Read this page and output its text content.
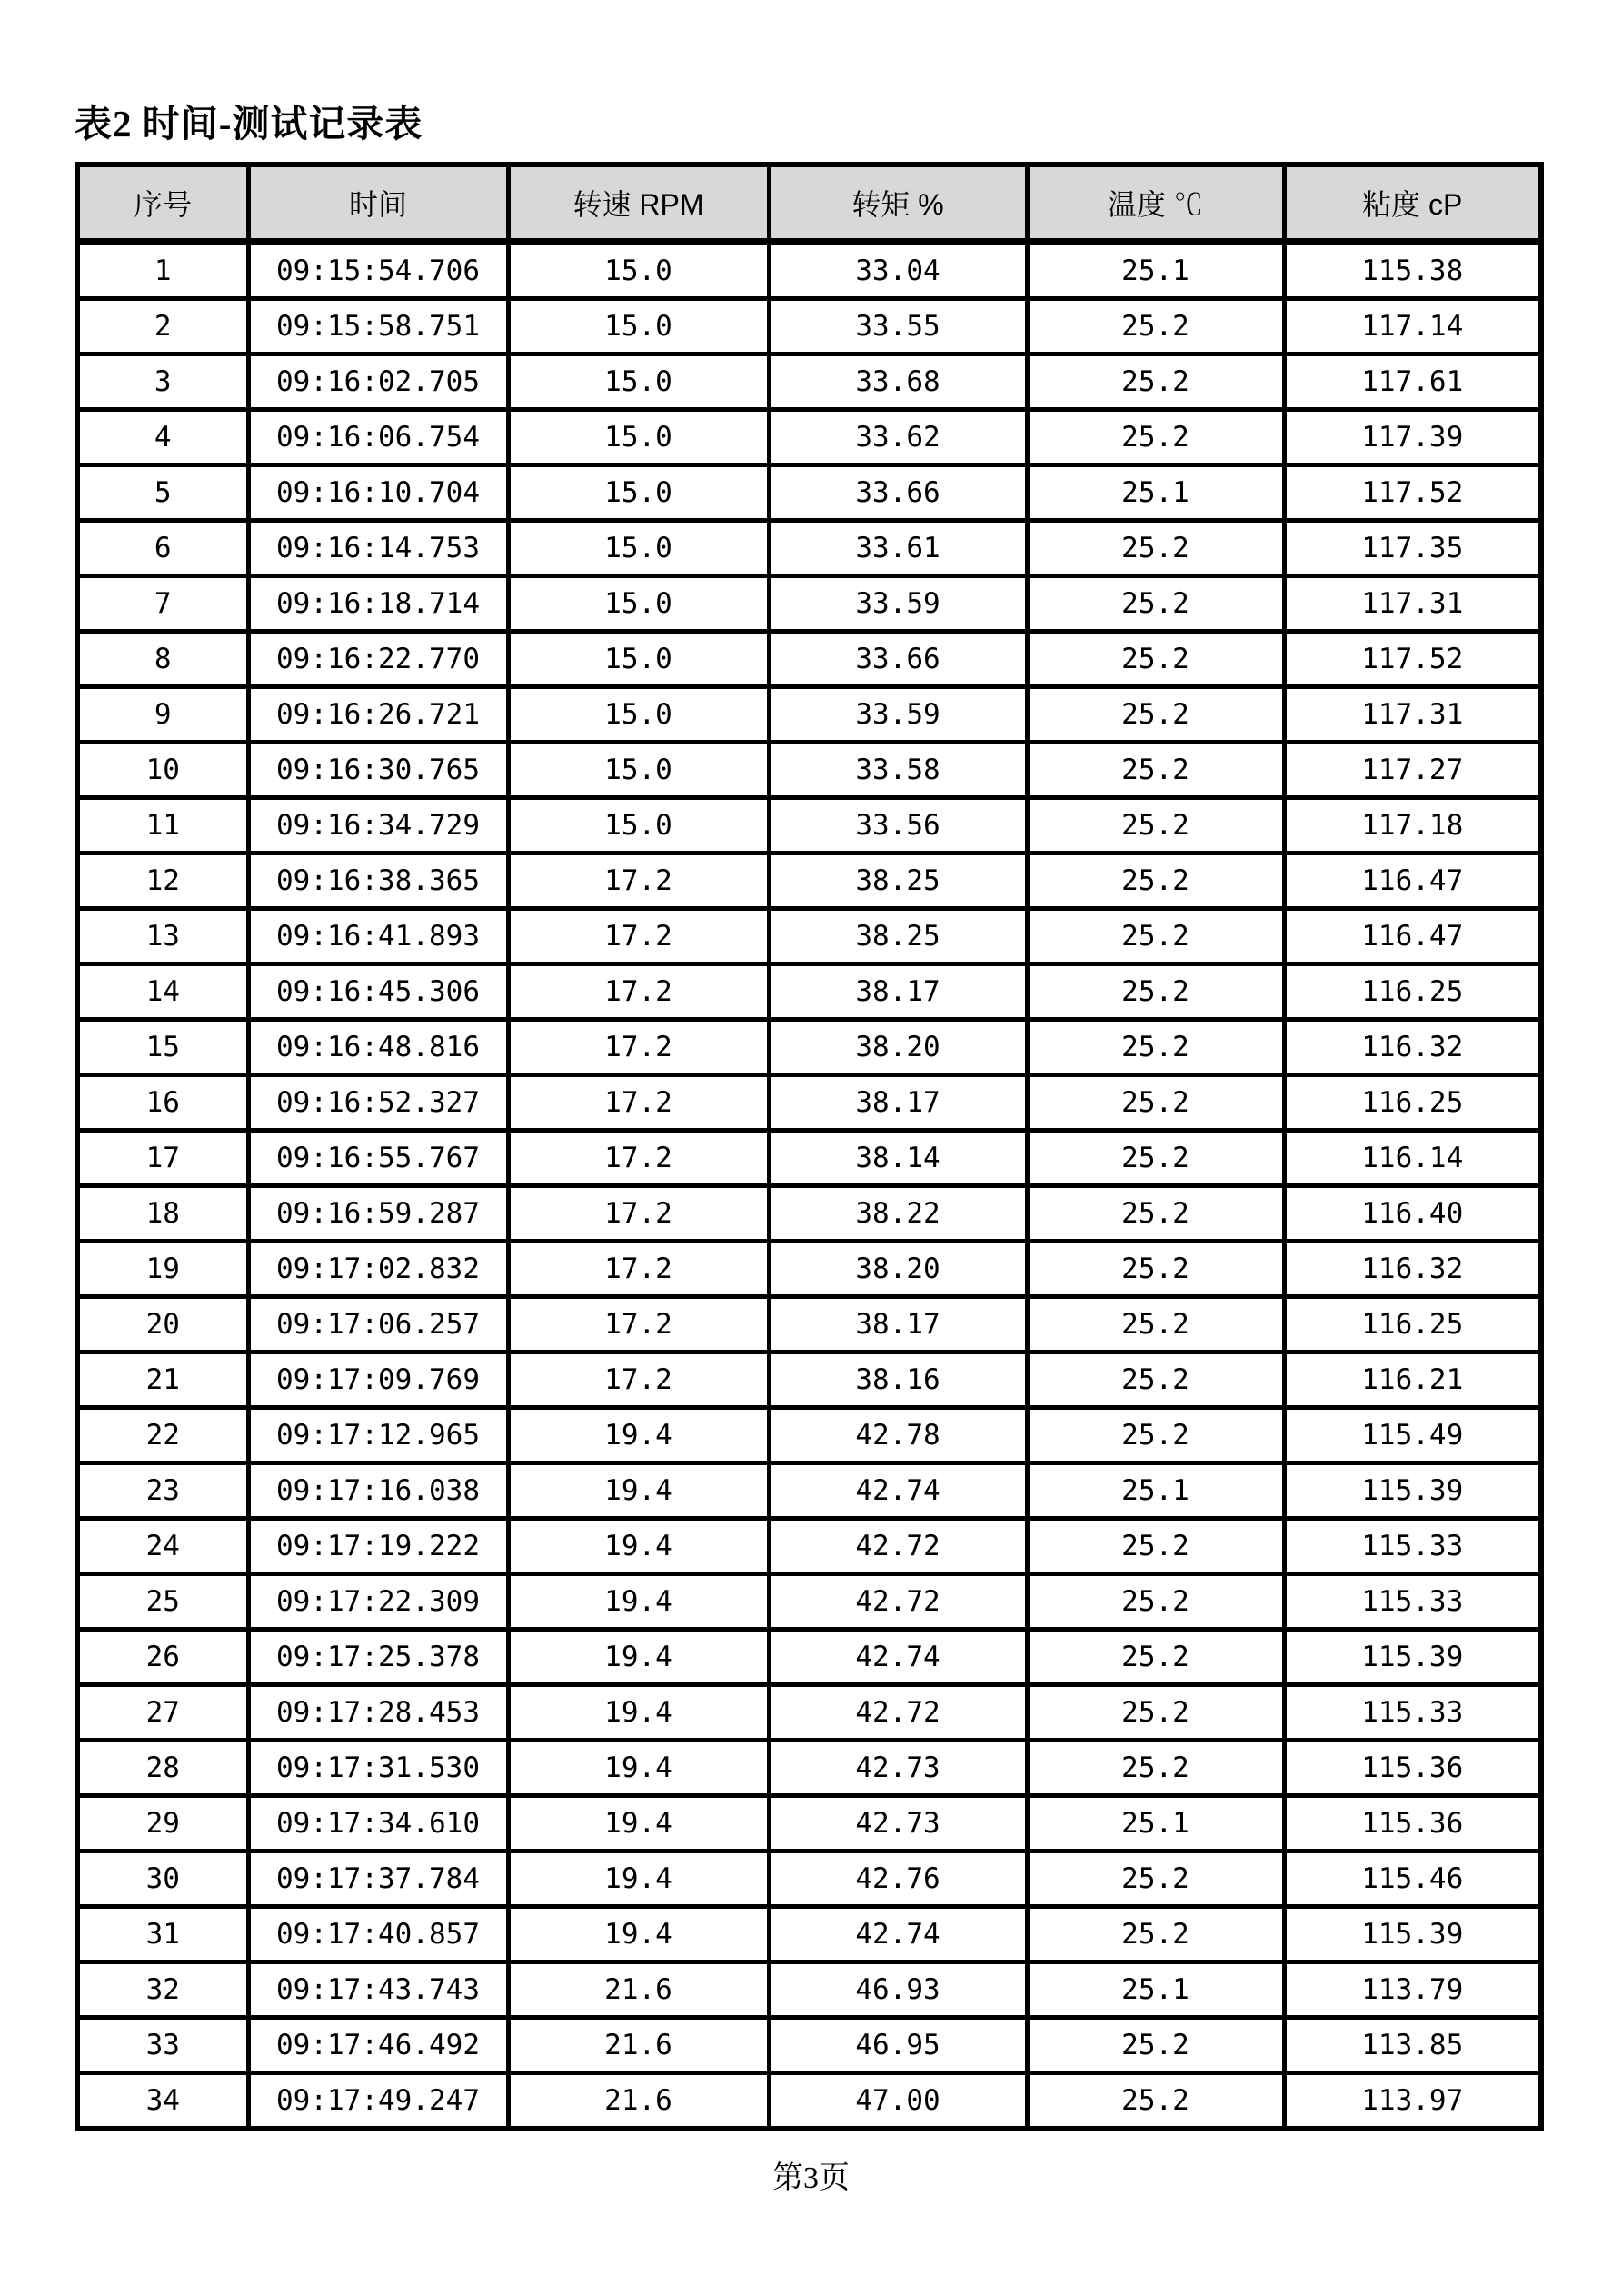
表2 时间-测试记录表
序号	时间	转速 RPM	转矩 %	温度 ℃	粘度 cP
1	09:15:54.706	15.0	33.04	25.1	115.38
2	09:15:58.751	15.0	33.55	25.2	117.14
3	09:16:02.705	15.0	33.68	25.2	117.61
4	09:16:06.754	15.0	33.62	25.2	117.39
5	09:16:10.704	15.0	33.66	25.1	117.52
6	09:16:14.753	15.0	33.61	25.2	117.35
7	09:16:18.714	15.0	33.59	25.2	117.31
8	09:16:22.770	15.0	33.66	25.2	117.52
9	09:16:26.721	15.0	33.59	25.2	117.31
10	09:16:30.765	15.0	33.58	25.2	117.27
11	09:16:34.729	15.0	33.56	25.2	117.18
12	09:16:38.365	17.2	38.25	25.2	116.47
13	09:16:41.893	17.2	38.25	25.2	116.47
14	09:16:45.306	17.2	38.17	25.2	116.25
15	09:16:48.816	17.2	38.20	25.2	116.32
16	09:16:52.327	17.2	38.17	25.2	116.25
17	09:16:55.767	17.2	38.14	25.2	116.14
18	09:16:59.287	17.2	38.22	25.2	116.40
19	09:17:02.832	17.2	38.20	25.2	116.32
20	09:17:06.257	17.2	38.17	25.2	116.25
21	09:17:09.769	17.2	38.16	25.2	116.21
22	09:17:12.965	19.4	42.78	25.2	115.49
23	09:17:16.038	19.4	42.74	25.1	115.39
24	09:17:19.222	19.4	42.72	25.2	115.33
25	09:17:22.309	19.4	42.72	25.2	115.33
26	09:17:25.378	19.4	42.74	25.2	115.39
27	09:17:28.453	19.4	42.72	25.2	115.33
28	09:17:31.530	19.4	42.73	25.2	115.36
29	09:17:34.610	19.4	42.73	25.1	115.36
30	09:17:37.784	19.4	42.76	25.2	115.46
31	09:17:40.857	19.4	42.74	25.2	115.39
32	09:17:43.743	21.6	46.93	25.1	113.79
33	09:17:46.492	21.6	46.95	25.2	113.85
34	09:17:49.247	21.6	47.00	25.2	113.97
第3页
